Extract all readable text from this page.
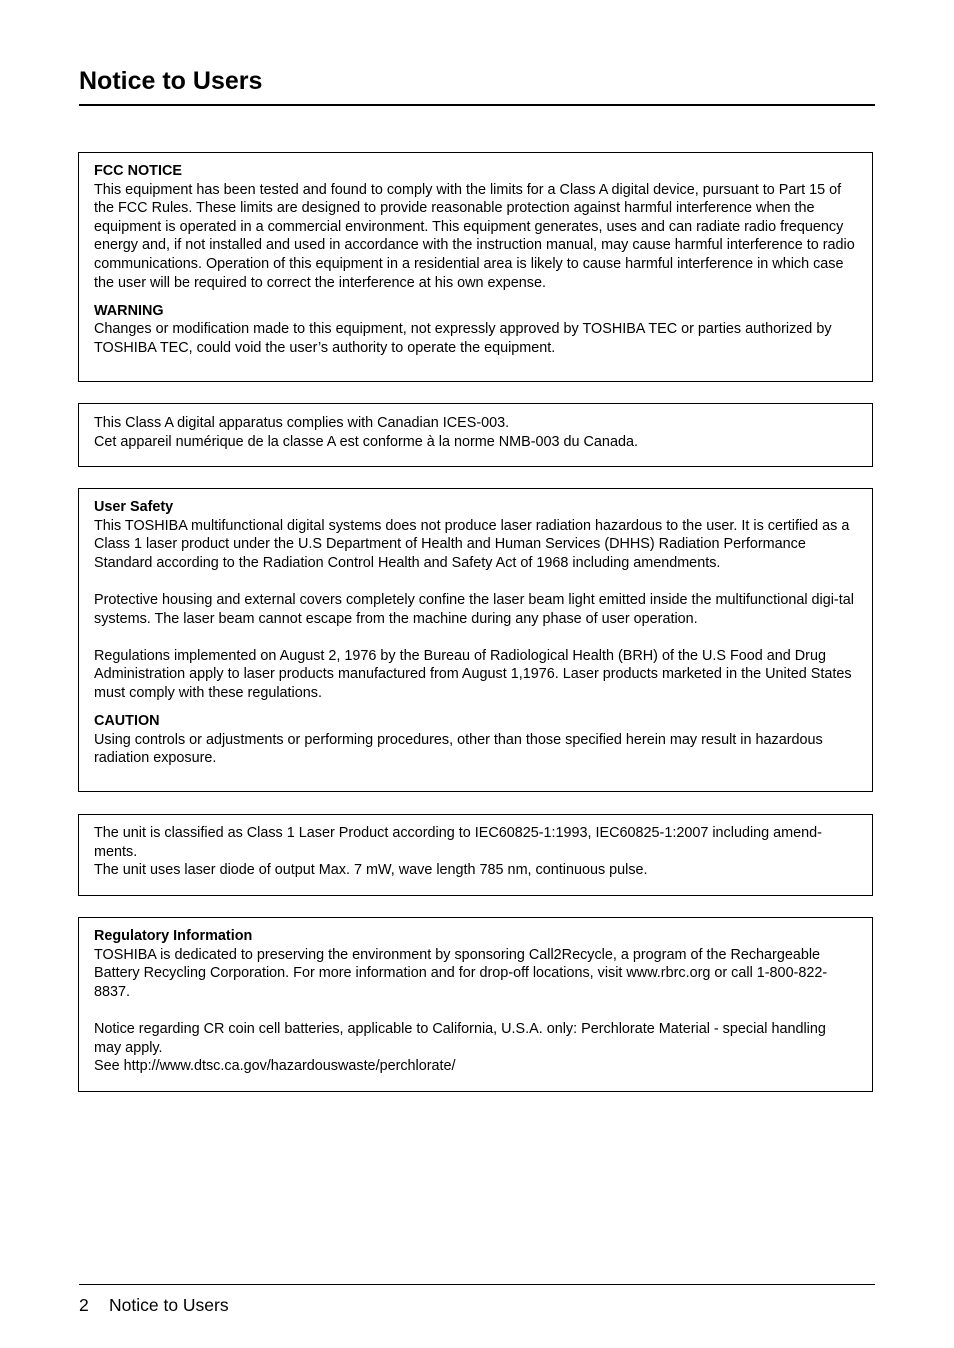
Notice to Users

FCC NOTICE

This equipment has been tested and found to comply with the limits for a Class A digital device, pursuant to Part 15 of the FCC Rules. These limits are designed to provide reasonable protection against harmful interference when the equipment is operated in a commercial environment. This equipment generates, uses and can radiate radio frequency energy and, if not installed and used in accordance with the instruction manual, may cause harmful interference to radio communications. Operation of this equipment in a residential area is likely to cause harmful interference in which case the user will be required to correct the interference at his own expense.

WARNING

Changes or modification made to this equipment, not expressly approved by TOSHIBA TEC or parties authorized by TOSHIBA TEC, could void the user’s authority to operate the equipment.

This Class A digital apparatus complies with Canadian ICES-003.

Cet appareil numérique de la classe A est conforme à la norme NMB-003 du Canada.

User Safety

This TOSHIBA multifunctional digital systems does not produce laser radiation hazardous to the user. It is certified as a Class 1 laser product under the U.S Department of Health and Human Services (DHHS) Radiation Performance Standard according to the Radiation Control Health and Safety Act of 1968 including amendments.

Protective housing and external covers completely confine the laser beam light emitted inside the multifunctional digi-tal systems. The laser beam cannot escape from the machine during any phase of user operation.

Regulations implemented on August 2, 1976 by the Bureau of Radiological Health (BRH) of the U.S Food and Drug Administration apply to laser products manufactured from August 1,1976. Laser products marketed in the United States must comply with these regulations.

CAUTION

Using controls or adjustments or performing procedures, other than those specified herein may result in hazardous radiation exposure.

The unit is classified as Class 1 Laser Product according to IEC60825-1:1993, IEC60825-1:2007 including amend-ments.

The unit uses laser diode of output Max. 7 mW, wave length 785 nm, continuous pulse.

Regulatory Information

TOSHIBA is dedicated to preserving the environment by sponsoring Call2Recycle, a program of the Rechargeable Battery Recycling Corporation. For more information and for drop-off locations, visit www.rbrc.org or call 1-800-822-8837.

Notice regarding CR coin cell batteries, applicable to California, U.S.A. only: Perchlorate Material - special handling may apply.

See http://www.dtsc.ca.gov/hazardouswaste/perchlorate/

2 Notice to Users
